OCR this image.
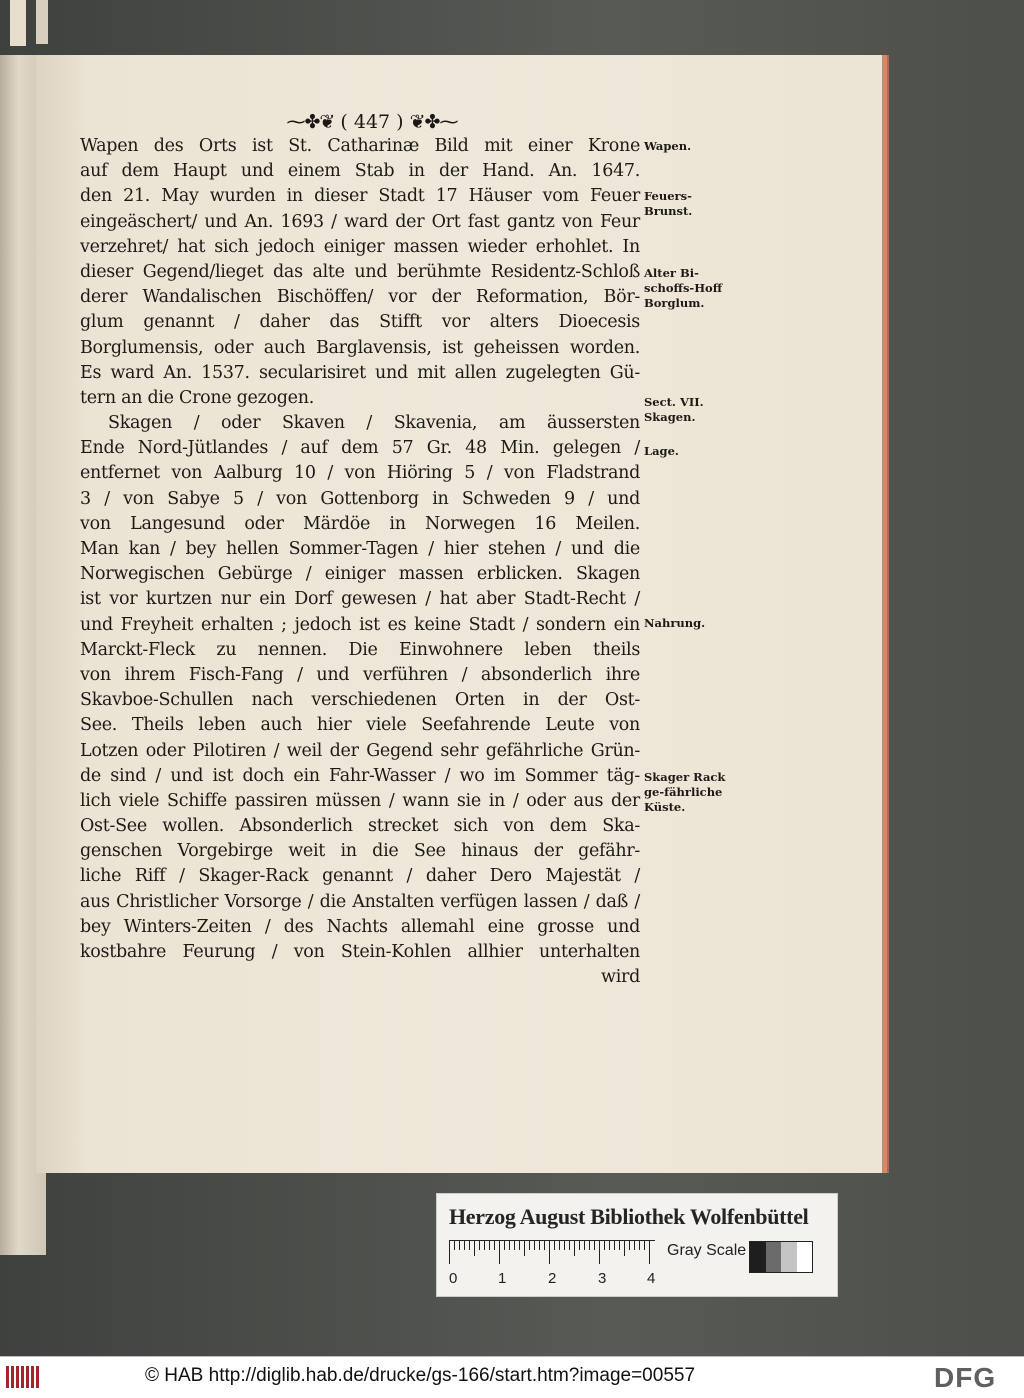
⁓✤❦ ( 447 ) ❦✤⁓
Wapen des Orts ist St. Catharinæ Bild mit einer Krone
auf dem Haupt und einem Stab in der Hand. An. 1647.
den 21. May wurden in dieser Stadt 17 Häuser vom Feuer
eingeäschert/ und An. 1693 / ward der Ort fast gantz von Feur
verzehret/ hat sich jedoch einiger massen wieder erhohlet. In
dieser Gegend/lieget das alte und berühmte Residentz-Schloß
derer Wandalischen Bischöffen/ vor der Reformation, Bör-
glum genannt / daher das Stifft vor alters Dioecesis
Borglumensis, oder auch Barglavensis, ist geheissen worden.
Es ward An. 1537. secularisiret und mit allen zugelegten Gü-
tern an die Crone gezogen.
Skagen / oder Skaven / Skavenia, am äussersten
Ende Nord-Jütlandes / auf dem 57 Gr. 48 Min. gelegen /
entfernet von Aalburg 10 / von Hiöring 5 / von Fladstrand
3 / von Sabye 5 / von Gottenborg in Schweden 9 / und
von Langesund oder Märdöe in Norwegen 16 Meilen.
Man kan / bey hellen Sommer-Tagen / hier stehen / und die
Norwegischen Gebürge / einiger massen erblicken. Skagen
ist vor kurtzen nur ein Dorf gewesen / hat aber Stadt-Recht /
und Freyheit erhalten ; jedoch ist es keine Stadt / sondern ein
Marckt-Fleck zu nennen. Die Einwohnere leben theils
von ihrem Fisch-Fang / und verführen / absonderlich ihre
Skavboe-Schullen nach verschiedenen Orten in der Ost-
See. Theils leben auch hier viele Seefahrende Leute von
Lotzen oder Pilotiren / weil der Gegend sehr gefährliche Grün-
de sind / und ist doch ein Fahr-Wasser / wo im Sommer täg-
lich viele Schiffe passiren müssen / wann sie in / oder aus der
Ost-See wollen. Absonderlich strecket sich von dem Ska-
genschen Vorgebirge weit in die See hinaus der gefähr-
liche Riff / Skager-Rack genannt / daher Dero Majestät /
aus Christlicher Vorsorge / die Anstalten verfügen lassen / daß /
bey Winters-Zeiten / des Nachts allemahl eine grosse und
kostbahre Feurung / von Stein-Kohlen allhier unterhalten
wird
Wapen.
Feuers-Brunst.
Alter Bi-schoffs-Hoff Borglum.
Sect. VII. Skagen.
Lage.
Nahrung.
Skager Rack ge-fährliche Küste.
Herzog August Bibliothek Wolfenbüttel
0	1	2	3	4
Gray Scale
© HAB http://diglib.hab.de/drucke/gs-166/start.htm?image=00557	DFG
